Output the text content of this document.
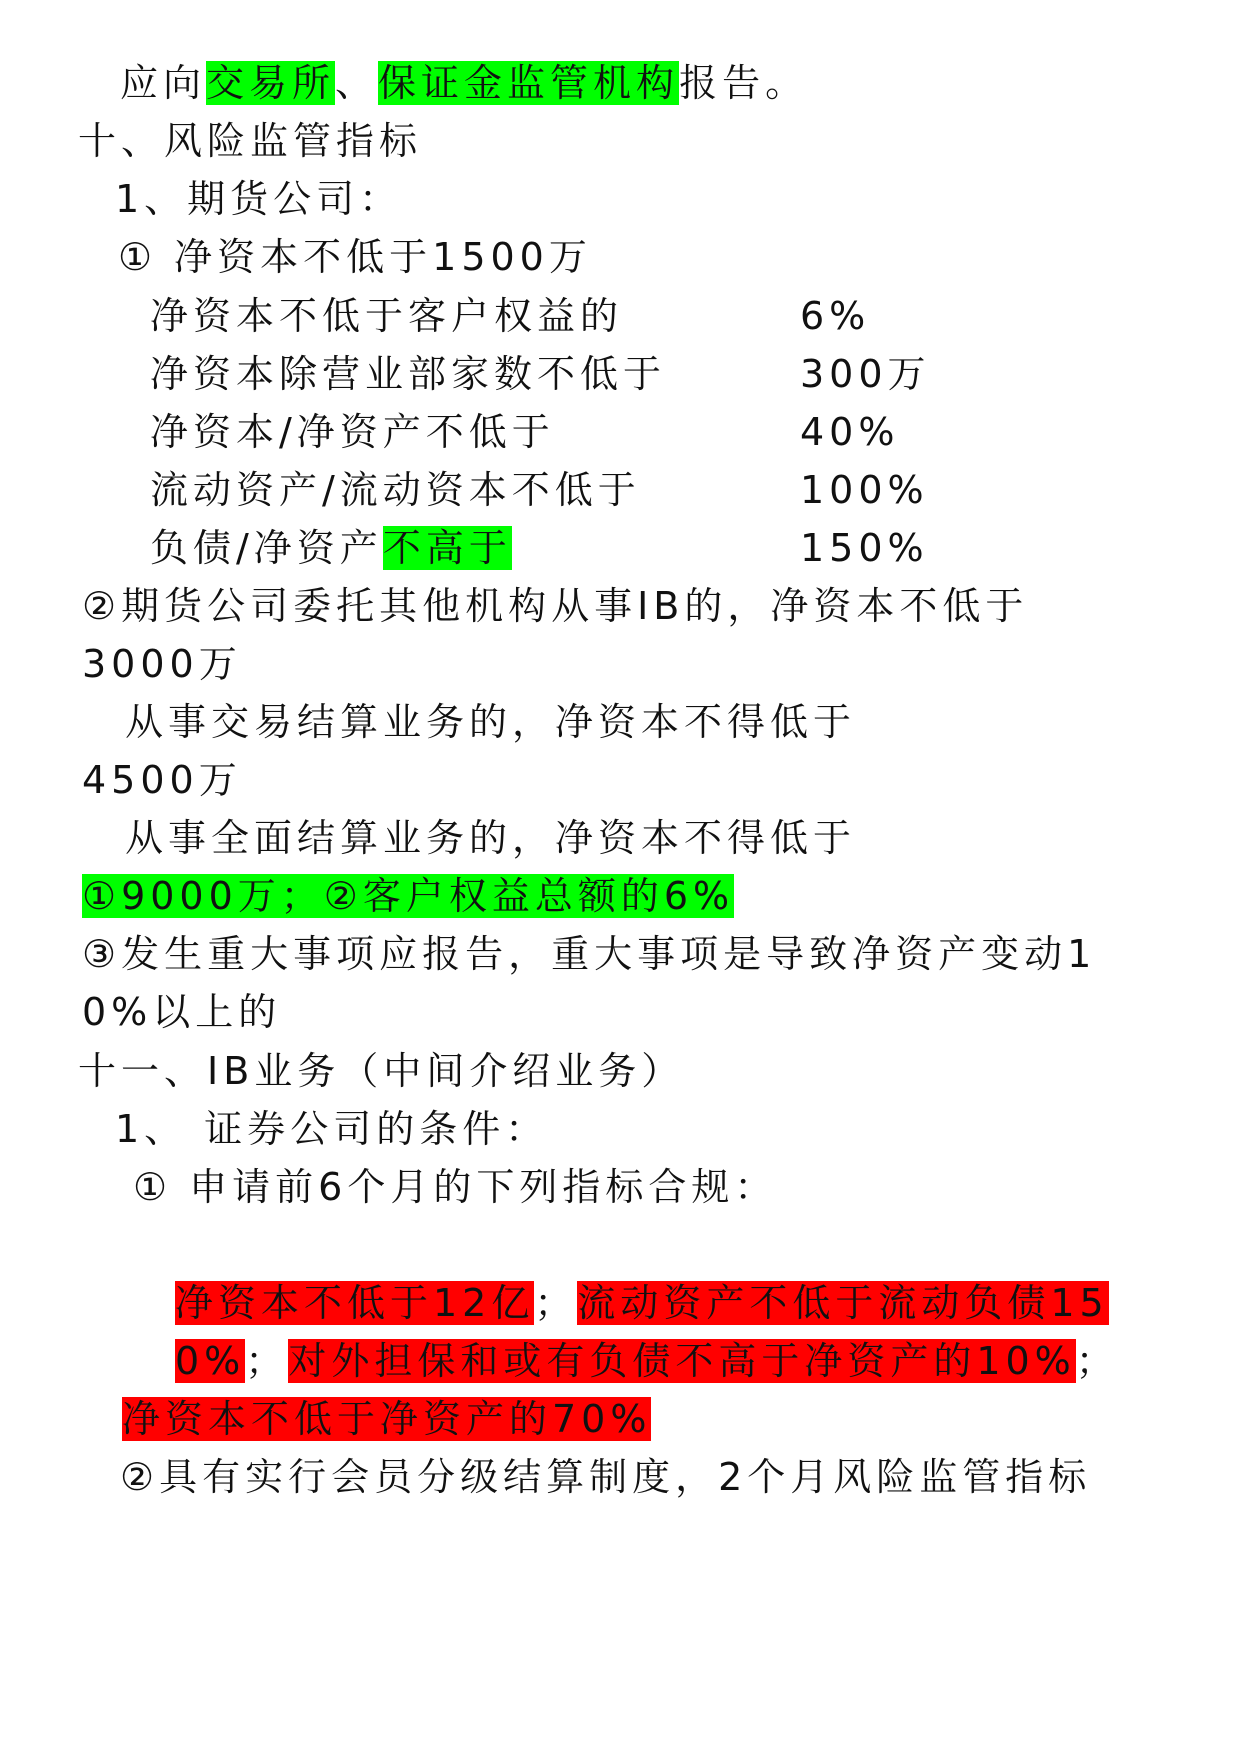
应向交易所、保证金监管机构报告。
十、风险监管指标
1、期货公司：
① 净资本不低于1500万
净资本不低于客户权益的	6%
净资本除营业部家数不低于	300万
净资本/净资产不低于	40%
流动资产/流动资本不低于	100%
负债/净资产不高于	150%
②期货公司委托其他机构从事IB的，净资本不低于
3000万
从事交易结算业务的，净资本不得低于
4500万
从事全面结算业务的，净资本不得低于
①9000万；②客户权益总额的6%
③发生重大事项应报告，重大事项是导致净资产变动1
0%以上的
十一、IB业务（中间介绍业务）
1、 证券公司的条件：
① 申请前6个月的下列指标合规：
净资本不低于12亿；流动资产不低于流动负债15
0%；对外担保和或有负债不高于净资产的10%；
净资本不低于净资产的70%
②具有实行会员分级结算制度，2个月风险监管指标
